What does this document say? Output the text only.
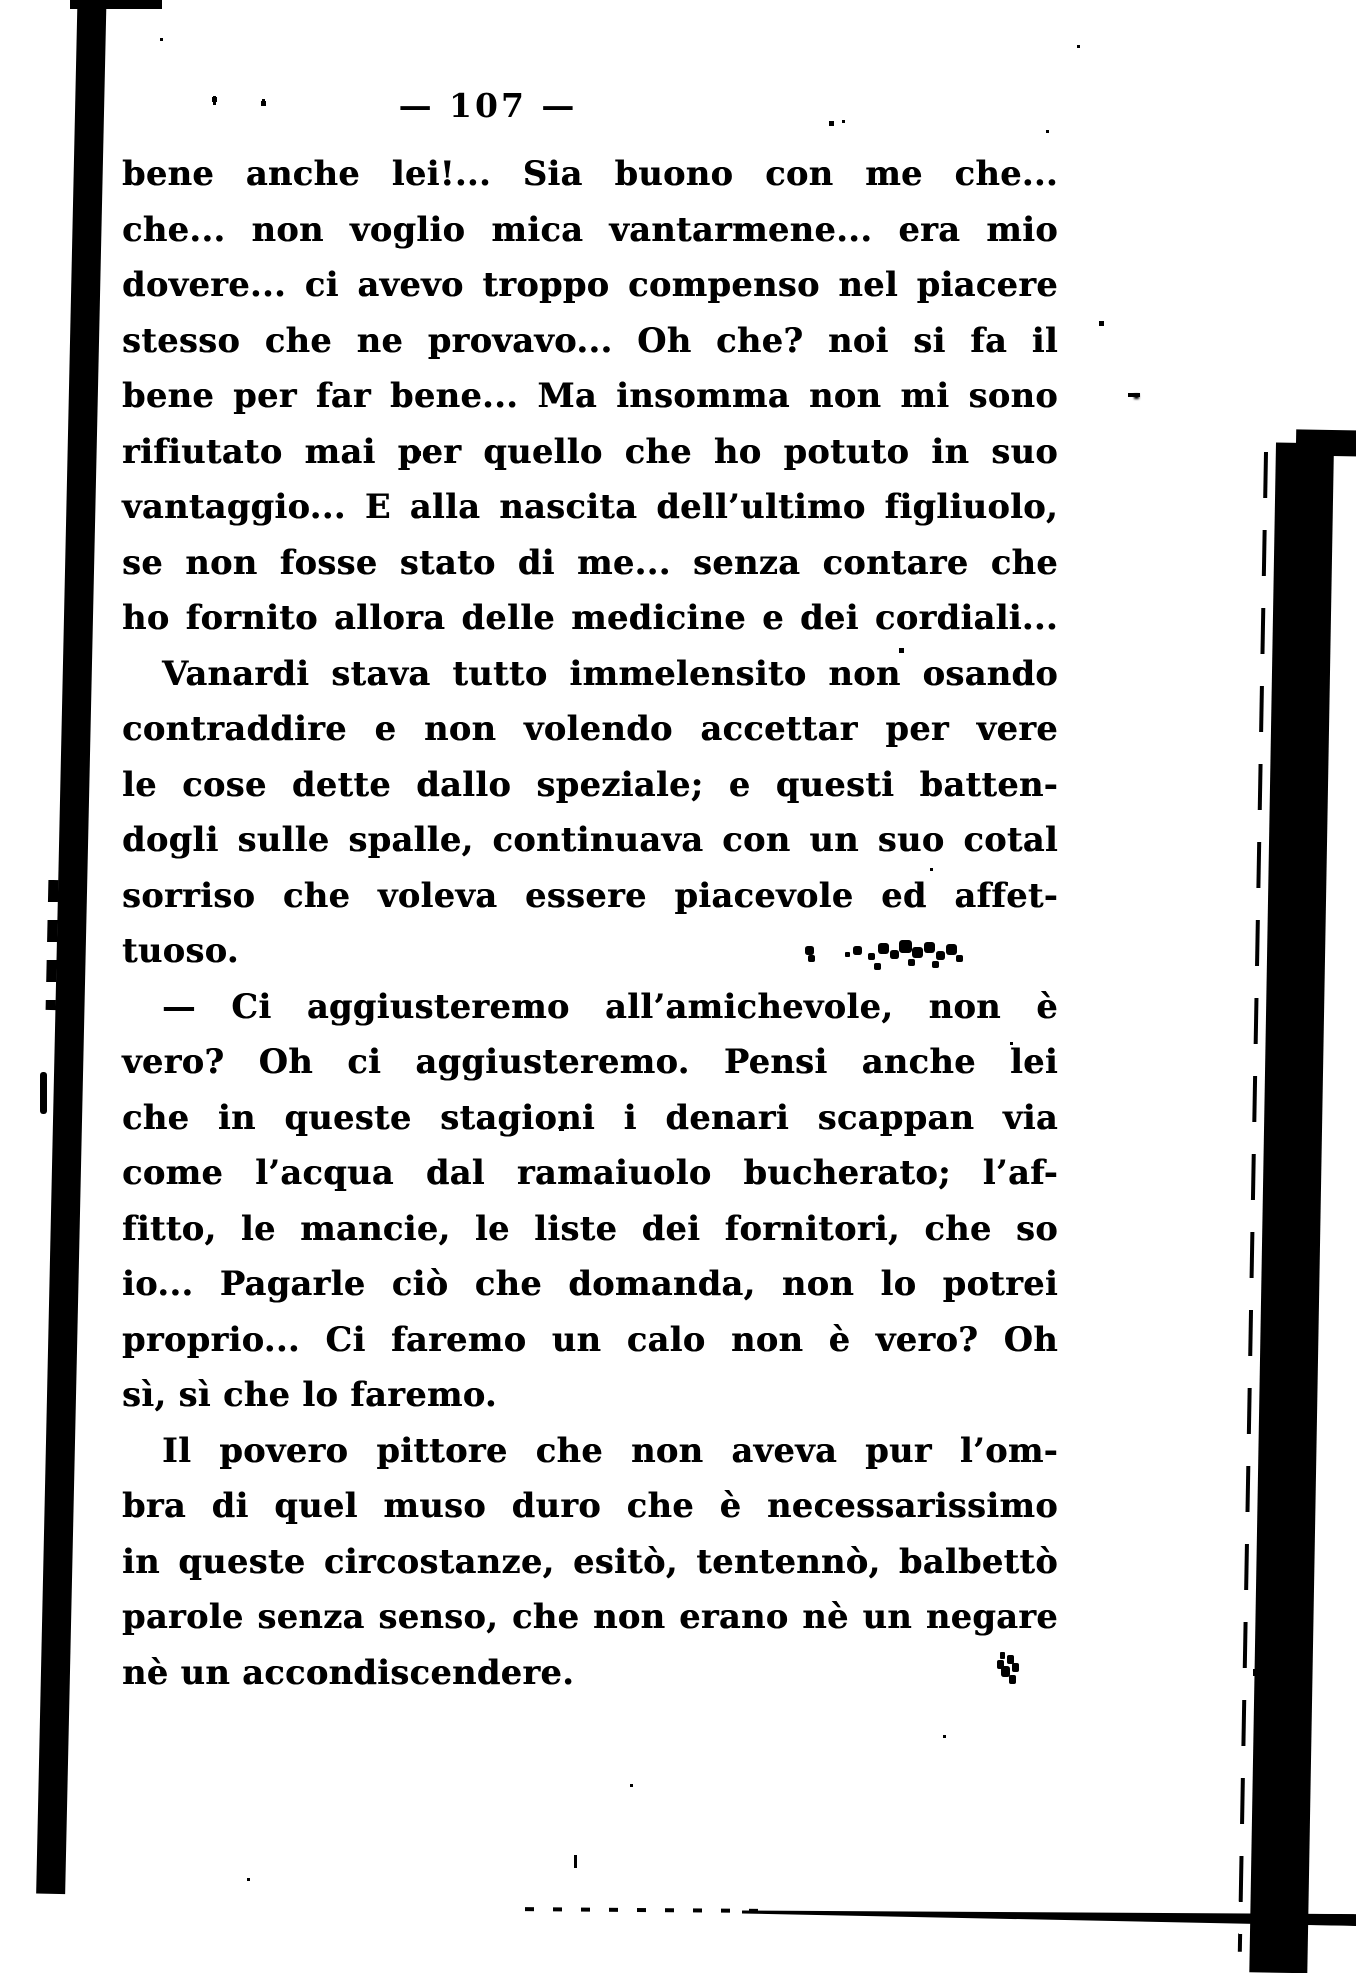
— 107 —
bene anche lei!... Sia buono con me che...
che... non voglio mica vantarmene... era mio
dovere... ci avevo troppo compenso nel piacere
stesso che ne provavo... Oh che? noi si fa il
bene per far bene... Ma insomma non mi sono
rifiutato mai per quello che ho potuto in suo
vantaggio... E alla nascita dell’ultimo figliuolo,
se non fosse stato di me... senza contare che
ho fornito allora delle medicine e dei cordiali...
Vanardi stava tutto immelensito non osando
contraddire e non volendo accettar per vere
le cose dette dallo speziale; e questi batten-
dogli sulle spalle, continuava con un suo cotal
sorriso che voleva essere piacevole ed affet-
tuoso.
— Ci aggiusteremo all’amichevole, non è
vero? Oh ci aggiusteremo. Pensi anche lei
che in queste stagioni i denari scappan via
come l’acqua dal ramaiuolo bucherato; l’af-
fitto, le mancie, le liste dei fornitori, che so
io... Pagarle ciò che domanda, non lo potrei
proprio... Ci faremo un calo non è vero? Oh
sì, sì che lo faremo.
Il povero pittore che non aveva pur l’om-
bra di quel muso duro che è necessarissimo
in queste circostanze, esitò, tentennò, balbettò
parole senza senso, che non erano nè un negare
nè un accondiscendere.
